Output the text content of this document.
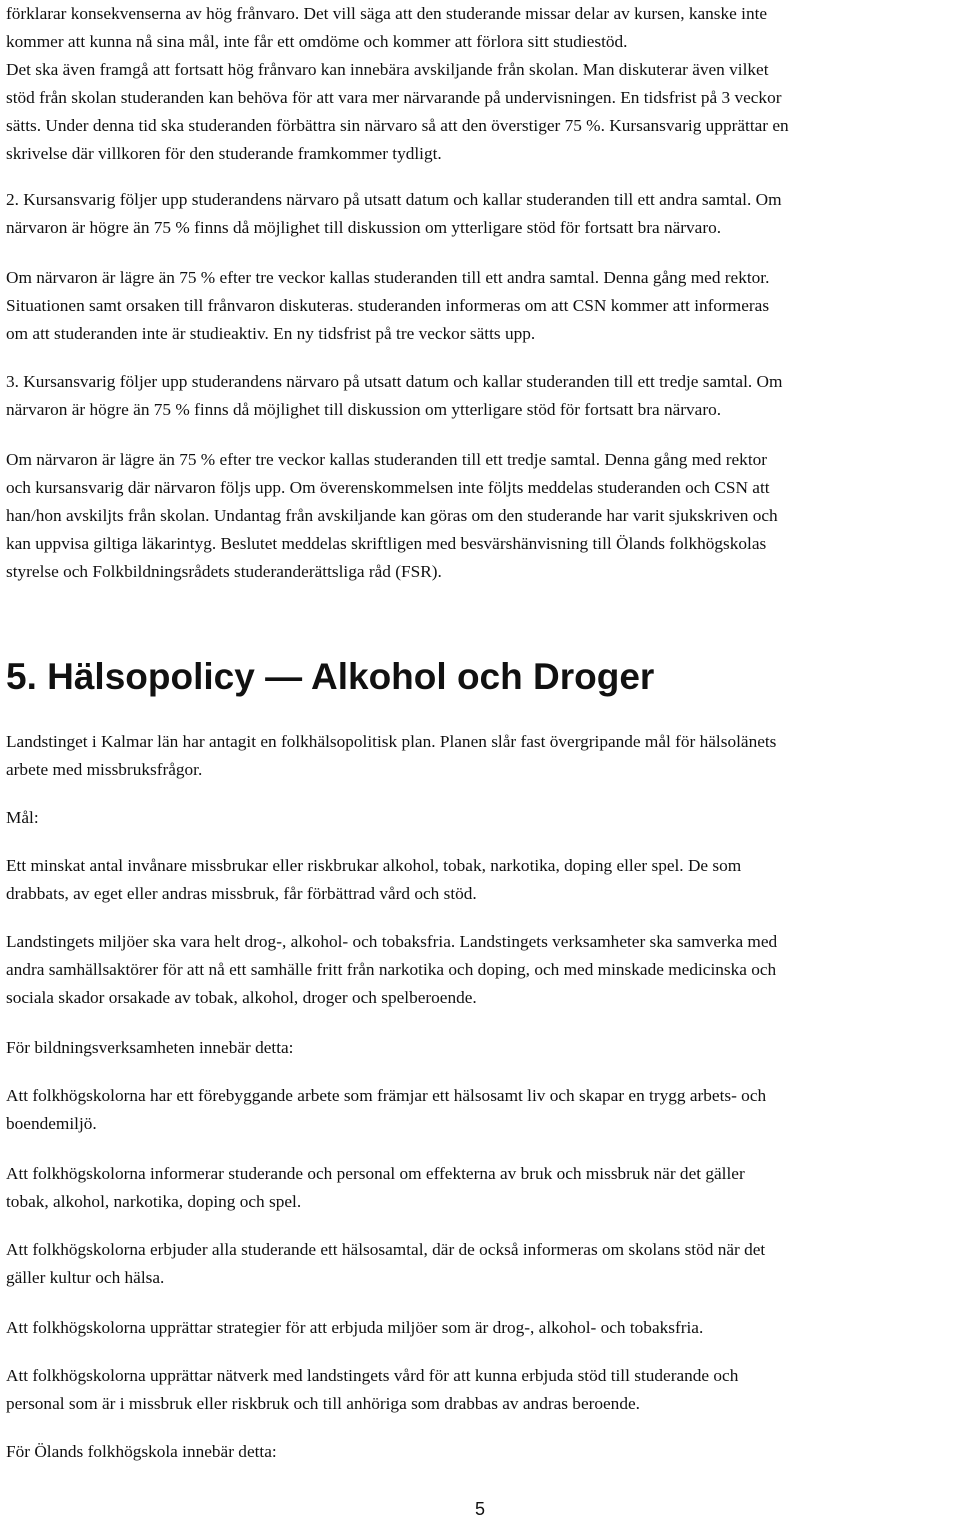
förklarar konsekvenserna av hög frånvaro. Det vill säga att den studerande missar delar av kursen, kanske inte
kommer att kunna nå sina mål, inte får ett omdöme och kommer att förlora sitt studiestöd.
Det ska även framgå att fortsatt hög frånvaro kan innebära avskiljande från skolan. Man diskuterar även vilket
stöd från skolan studeranden kan behöva för att vara mer närvarande på undervisningen. En tidsfrist på 3 veckor
sätts. Under denna tid ska studeranden förbättra sin närvaro så att den överstiger 75 %. Kursansvarig upprättar en
skrivelse där villkoren för den studerande framkommer tydligt.
2. Kursansvarig följer upp studerandens närvaro på utsatt datum och kallar studeranden till ett andra samtal. Om
närvaron är högre än 75 % finns då möjlighet till diskussion om ytterligare stöd för fortsatt bra närvaro.
Om närvaron är lägre än 75 % efter tre veckor kallas studeranden till ett andra samtal. Denna gång med rektor.
Situationen samt orsaken till frånvaron diskuteras. studeranden informeras om att CSN kommer att informeras
om att studeranden inte är studieaktiv. En ny tidsfrist på tre veckor sätts upp.
3. Kursansvarig följer upp studerandens närvaro på utsatt datum och kallar studeranden till ett tredje samtal. Om
närvaron är högre än 75 % finns då möjlighet till diskussion om ytterligare stöd för fortsatt bra närvaro.
Om närvaron är lägre än 75 % efter tre veckor kallas studeranden till ett tredje samtal. Denna gång med rektor
och kursansvarig där närvaron följs upp. Om överenskommelsen inte följts meddelas studeranden och CSN att
han/hon avskiljts från skolan. Undantag från avskiljande kan göras om den studerande har varit sjukskriven och
kan uppvisa giltiga läkarintyg. Beslutet meddelas skriftligen med besvärshänvisning till Ölands folkhögskolas
styrelse och Folkbildningsrådets studeranderättsliga råd (FSR).
5. Hälsopolicy — Alkohol och Droger
Landstinget i Kalmar län har antagit en folkhälsopolitisk plan. Planen slår fast övergripande mål för hälsolänets
arbete med missbruksfrågor.
Mål:
Ett minskat antal invånare missbrukar eller riskbrukar alkohol, tobak, narkotika, doping eller spel. De som
drabbats, av eget eller andras missbruk, får förbättrad vård och stöd.
Landstingets miljöer ska vara helt drog-, alkohol- och tobaksfria. Landstingets verksamheter ska samverka med
andra samhällsaktörer för att nå ett samhälle fritt från narkotika och doping, och med minskade medicinska och
sociala skador orsakade av tobak, alkohol, droger och spelberoende.
För bildningsverksamheten innebär detta:
Att folkhögskolorna har ett förebyggande arbete som främjar ett hälsosamt liv och skapar en trygg arbets- och
boendemiljö.
Att folkhögskolorna informerar studerande och personal om effekterna av bruk och missbruk när det gäller
tobak, alkohol, narkotika, doping och spel.
Att folkhögskolorna erbjuder alla studerande ett hälsosamtal, där de också informeras om skolans stöd när det
gäller kultur och hälsa.
Att folkhögskolorna upprättar strategier för att erbjuda miljöer som är drog-, alkohol- och tobaksfria.
Att folkhögskolorna upprättar nätverk med landstingets vård för att kunna erbjuda stöd till studerande och
personal som är i missbruk eller riskbruk och till anhöriga som drabbas av andras beroende.
För Ölands folkhögskola innebär detta:
5
